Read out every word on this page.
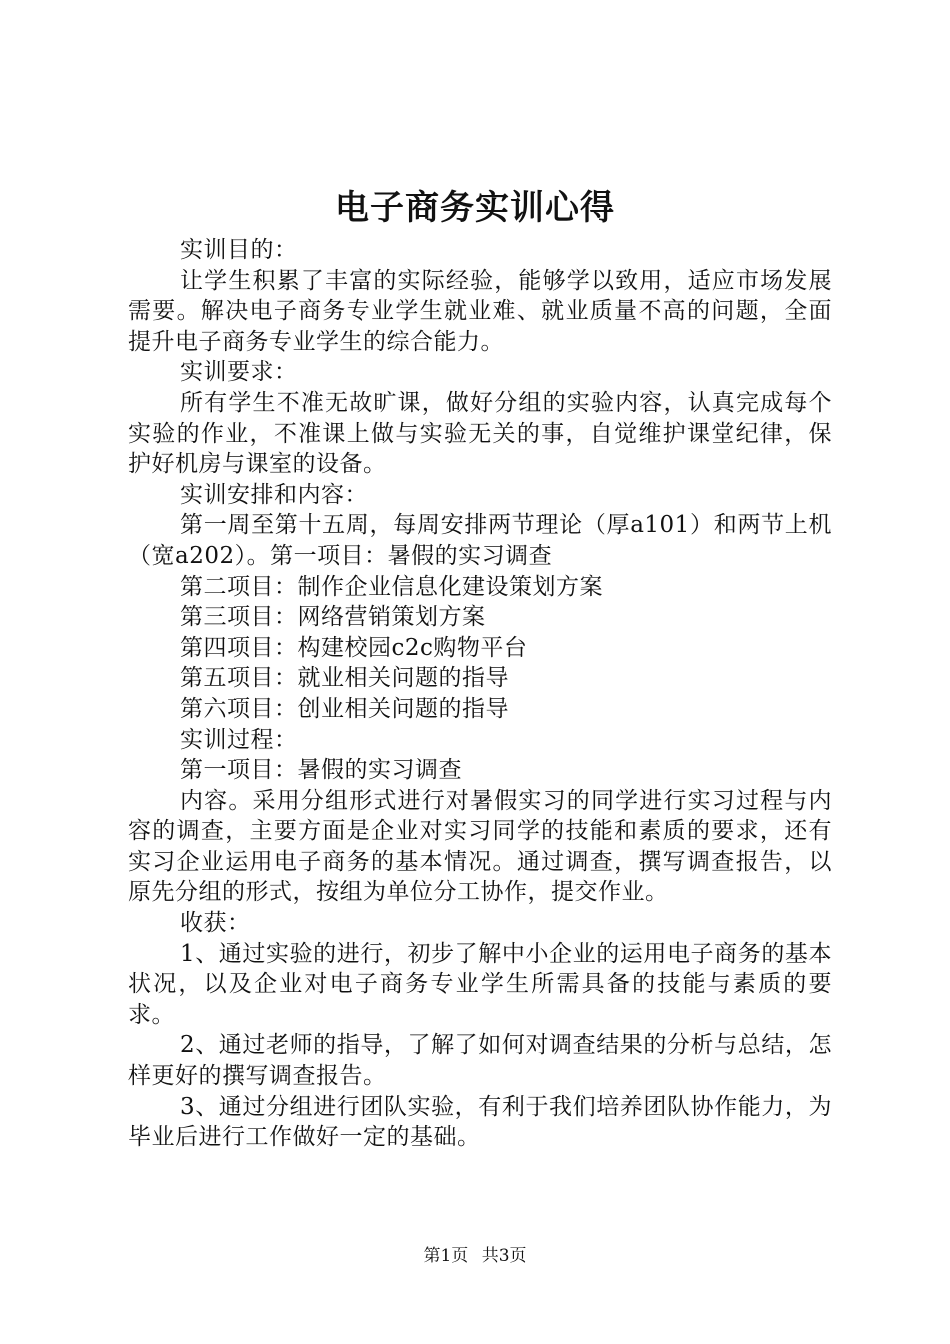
电子商务实训心得

实训目的：

让学生积累了丰富的实际经验，能够学以致用，适应市场发展需要。解决电子商务专业学生就业难、就业质量不高的问题，全面提升电子商务专业学生的综合能力。

实训要求：

所有学生不准无故旷课，做好分组的实验内容，认真完成每个实验的作业，不准课上做与实验无关的事，自觉维护课堂纪律，保护好机房与课室的设备。

实训安排和内容：

第一周至第十五周，每周安排两节理论（厚a101）和两节上机（宽a202）。第一项目：暑假的实习调查

第二项目：制作企业信息化建设策划方案

第三项目：网络营销策划方案

第四项目：构建校园c2c购物平台

第五项目：就业相关问题的指导

第六项目：创业相关问题的指导

实训过程：

第一项目：暑假的实习调查

内容。采用分组形式进行对暑假实习的同学进行实习过程与内容的调查，主要方面是企业对实习同学的技能和素质的要求，还有实习企业运用电子商务的基本情况。通过调查，撰写调查报告，以原先分组的形式，按组为单位分工协作，提交作业。

收获：

1、通过实验的进行，初步了解中小企业的运用电子商务的基本状况，以及企业对电子商务专业学生所需具备的技能与素质的要求。

2、通过老师的指导，了解了如何对调查结果的分析与总结，怎样更好的撰写调查报告。

3、通过分组进行团队实验，有利于我们培养团队协作能力，为毕业后进行工作做好一定的基础。

第1页 共3页
